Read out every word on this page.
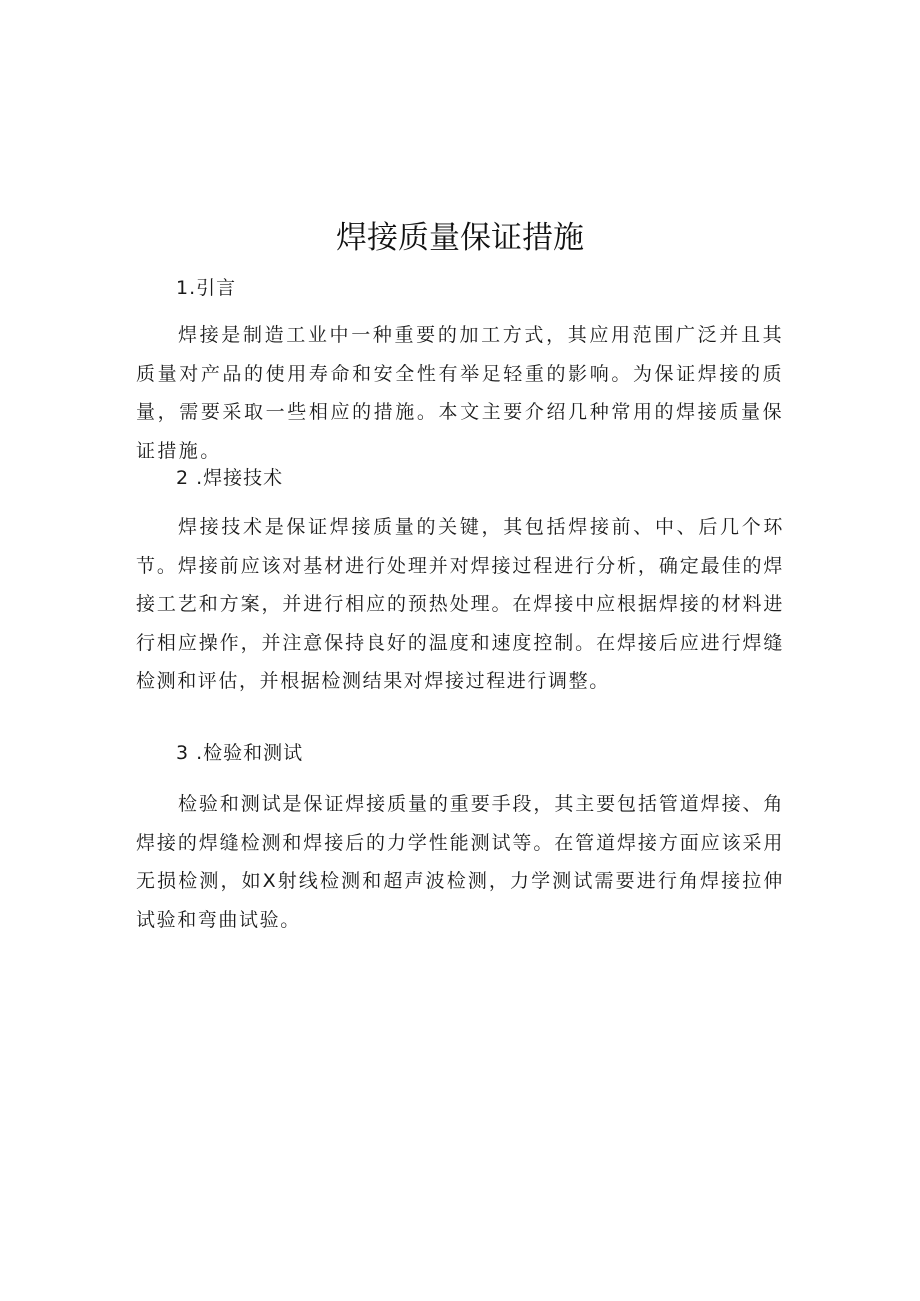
焊接质量保证措施
1.引言
焊接是制造工业中一种重要的加工方式，其应用范围广泛并且其质量对产品的使用寿命和安全性有举足轻重的影响。为保证焊接的质量，需要采取一些相应的措施。本文主要介绍几种常用的焊接质量保证措施。
2 .焊接技术
焊接技术是保证焊接质量的关键，其包括焊接前、中、后几个环节。焊接前应该对基材进行处理并对焊接过程进行分析，确定最佳的焊接工艺和方案，并进行相应的预热处理。在焊接中应根据焊接的材料进行相应操作，并注意保持良好的温度和速度控制。在焊接后应进行焊缝检测和评估，并根据检测结果对焊接过程进行调整。
3 .检验和测试
检验和测试是保证焊接质量的重要手段，其主要包括管道焊接、角焊接的焊缝检测和焊接后的力学性能测试等。在管道焊接方面应该采用无损检测，如X射线检测和超声波检测，力学测试需要进行角焊接拉伸试验和弯曲试验。
